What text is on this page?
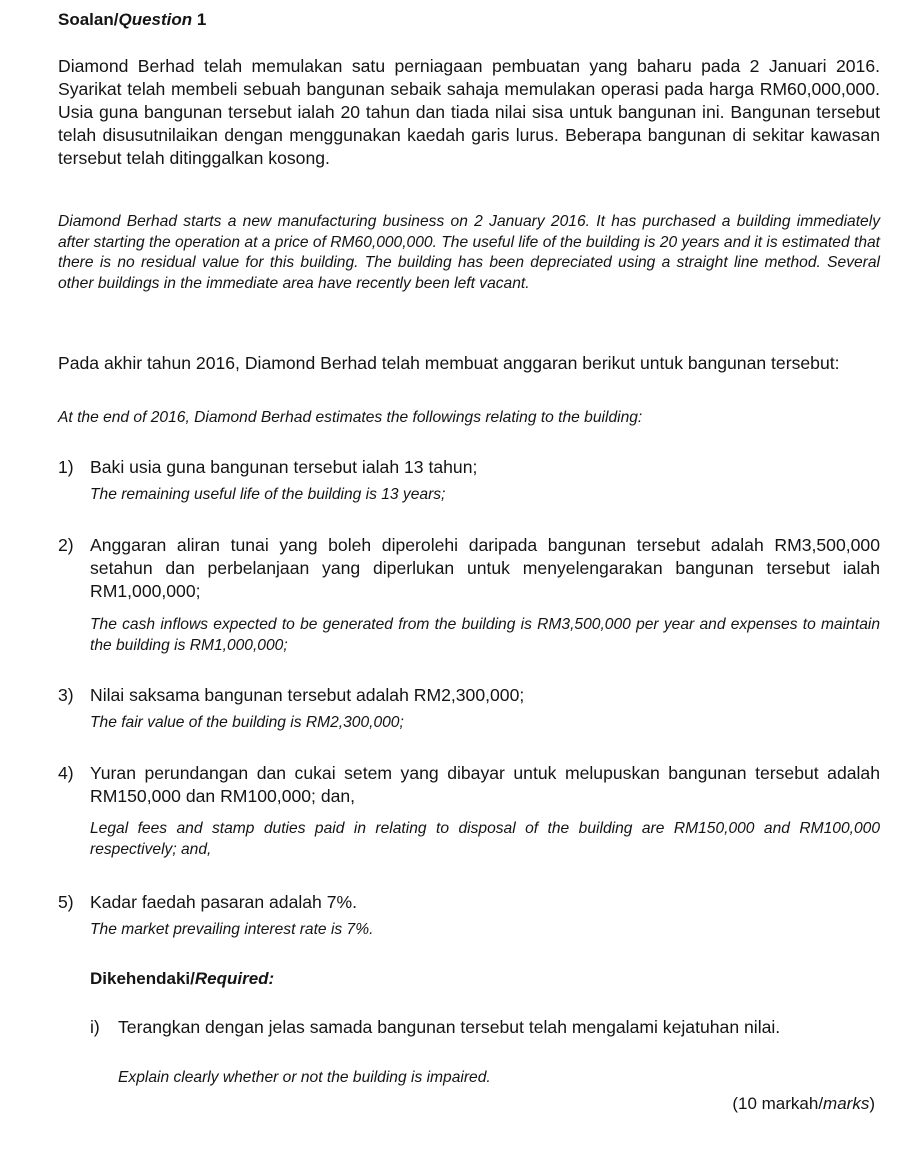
Soalan/Question 1

Diamond Berhad telah memulakan satu perniagaan pembuatan yang baharu pada 2 Januari 2016. Syarikat telah membeli sebuah bangunan sebaik sahaja memulakan operasi pada harga RM60,000,000. Usia guna bangunan tersebut ialah 20 tahun dan tiada nilai sisa untuk bangunan ini. Bangunan tersebut telah disusutnilaikan dengan menggunakan kaedah garis lurus. Beberapa bangunan di sekitar kawasan tersebut telah ditinggalkan kosong.

Diamond Berhad starts a new manufacturing business on 2 January 2016. It has purchased a building immediately after starting the operation at a price of RM60,000,000. The useful life of the building is 20 years and it is estimated that there is no residual value for this building. The building has been depreciated using a straight line method. Several other buildings in the immediate area have recently been left vacant.

Pada akhir tahun 2016, Diamond Berhad telah membuat anggaran berikut untuk bangunan tersebut:

At the end of 2016, Diamond Berhad estimates the followings relating to the building:

1) Baki usia guna bangunan tersebut ialah 13 tahun;

The remaining useful life of the building is 13 years;

2) Anggaran aliran tunai yang boleh diperolehi daripada bangunan tersebut adalah RM3,500,000 setahun dan perbelanjaan yang diperlukan untuk menyelengarakan bangunan tersebut ialah RM1,000,000;

The cash inflows expected to be generated from the building is RM3,500,000 per year and expenses to maintain the building is RM1,000,000;

3) Nilai saksama bangunan tersebut adalah RM2,300,000;

The fair value of the building is RM2,300,000;

4) Yuran perundangan dan cukai setem yang dibayar untuk melupuskan bangunan tersebut adalah RM150,000 dan RM100,000; dan,

Legal fees and stamp duties paid in relating to disposal of the building are RM150,000 and RM100,000 respectively; and,

5) Kadar faedah pasaran adalah 7%.

The market prevailing interest rate is 7%.

Dikehendaki/Required:
i) Terangkan dengan jelas samada bangunan tersebut telah mengalami kejatuhan nilai.

Explain clearly whether or not the building is impaired.

(10 markah/marks)
